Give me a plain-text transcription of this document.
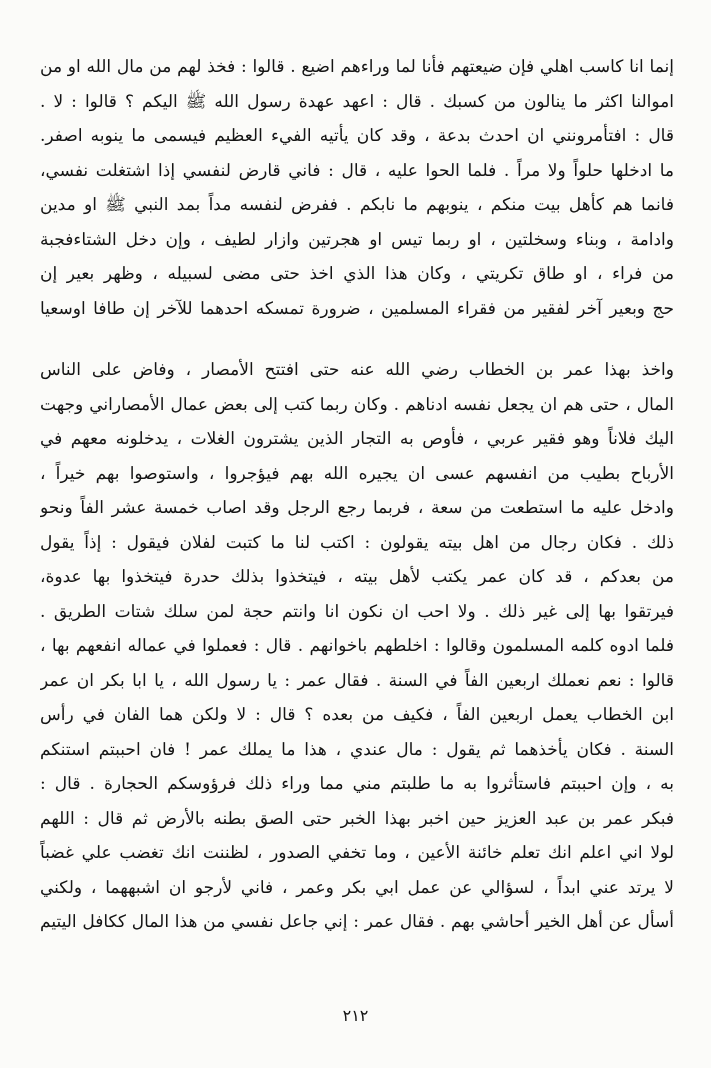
إنما انا كاسب اهلي فإن ضيعتهم فأنا لما وراءهم اضيع . قالوا : فخذ لهم من مال الله او من
اموالنا اكثر ما ينالون من كسبك . قال : اعهد عهدة رسول الله ﷺ اليكم ؟ قالوا : لا .
قال : افتأمرونني ان احدث بدعة ، وقد كان يأتيه الفيء العظيم فيسمى ما ينوبه اصفر.
ما ادخلها حلواً ولا مراً . فلما الحوا عليه ، قال : فاني قارض لنفسي إذا اشتغلت نفسي،
فانما هم كأهل بيت منكم ، ينوبهم ما نابكم . ففرض لنفسه مداً بمد النبي ﷺ او مدين
وادامة ، وبناء وسخلتين ، او ربما تيس او هجرتين وازار لطيف ، وإن دخل الشتاءفجبة
من فراء ، او طاق تكريتي ، وكان هذا الذي اخذ حتى مضى لسبيله ، وظهر بعير إن
حج وبعير آخر لفقير من فقراء المسلمين ، ضرورة تمسكه احدهما للآخر إن طافا اوسعيا
واخذ بهذا عمر بن الخطاب رضي الله عنه حتى افتتح الأمصار ، وفاض على الناس
المال ، حتى هم ان يجعل نفسه ادناهم . وكان ربما كتب إلى بعض عمال الأمصاراني وجهت
اليك فلاناً وهو فقير عربي ، فأوص به التجار الذين يشترون الغلات ، يدخلونه معهم في
الأرباح بطيب من انفسهم عسى ان يجيره الله بهم فيؤجروا ، واستوصوا بهم خيراً ،
وادخل عليه ما استطعت من سعة ، فربما رجع الرجل وقد اصاب خمسة عشر الفاً ونحو
ذلك . فكان رجال من اهل بيته يقولون : اكتب لنا ما كتبت لفلان فيقول : إذاً يقول
من بعدكم ، قد كان عمر يكتب لأهل بيته ، فيتخذوا بذلك حدرة فيتخذوا بها عدوة،
فيرتقوا بها إلى غير ذلك . ولا احب ان نكون انا وانتم حجة لمن سلك شتات الطريق .
فلما ادوه كلمه المسلمون وقالوا : اخلطهم باخوانهم . قال : فعملوا في عماله انفعهم بها ،
قالوا : نعم نعملك اربعين الفاً في السنة . فقال عمر : يا رسول الله ، يا ابا بكر ان عمر
ابن الخطاب يعمل اربعين الفاً ، فكيف من بعده ؟ قال : لا ولكن هما الفان في رأس
السنة . فكان يأخذهما ثم يقول : مال عندي ، هذا ما يملك عمر ! فان احببتم استنكم
به ، وإن احببتم فاستأثروا به ما طلبتم مني مما وراء ذلك فرؤوسكم الحجارة . قال :
فبكر عمر بن عبد العزيز حين اخبر بهذا الخبر حتى الصق بطنه بالأرض ثم قال : اللهم
لولا اني اعلم انك تعلم خائنة الأعين ، وما تخفي الصدور ، لظننت انك تغضب علي غضباً
لا يرتد عني ابداً ، لسؤالي عن عمل ابي بكر وعمر ، فاني لأرجو ان اشبههما ، ولكني
أسأل عن أهل الخير أحاشي بهم . فقال عمر : إني جاعل نفسي من هذا المال ككافل اليتيم
٢١٢
